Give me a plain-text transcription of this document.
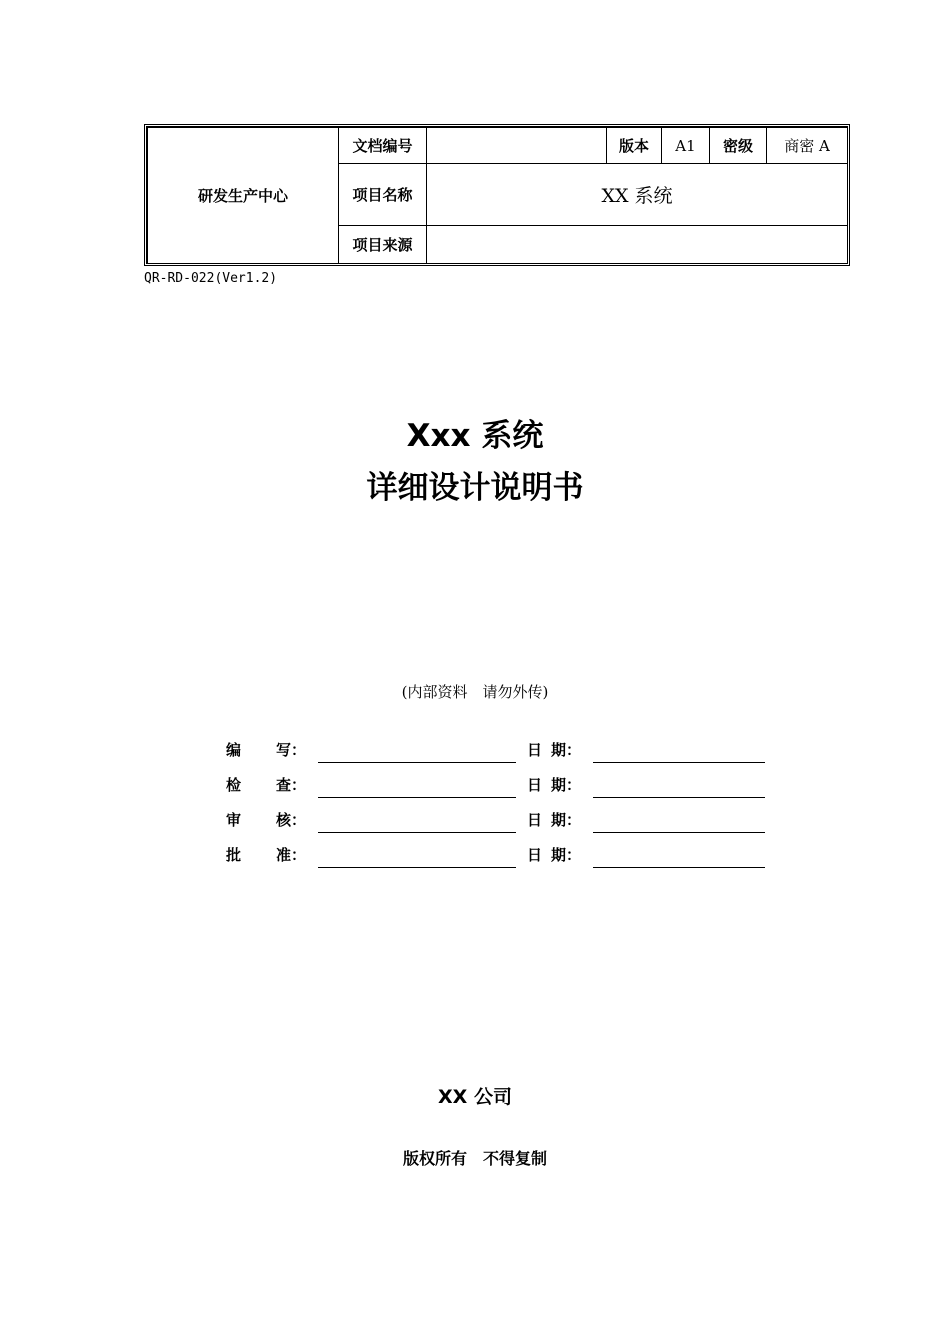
研发生产中心	文档编号		版本	A1	密级	商密 A
	项目名称	XX 系统				
	项目来源					
QR-RD-022(Ver1.2)
Xxx 系统
详细设计说明书
(内部资料　请勿外传)
编 写：	日 期：
检 查：	日 期：
审 核：	日 期：
批 准：	日 期：
XX 公司
版权所有　不得复制
